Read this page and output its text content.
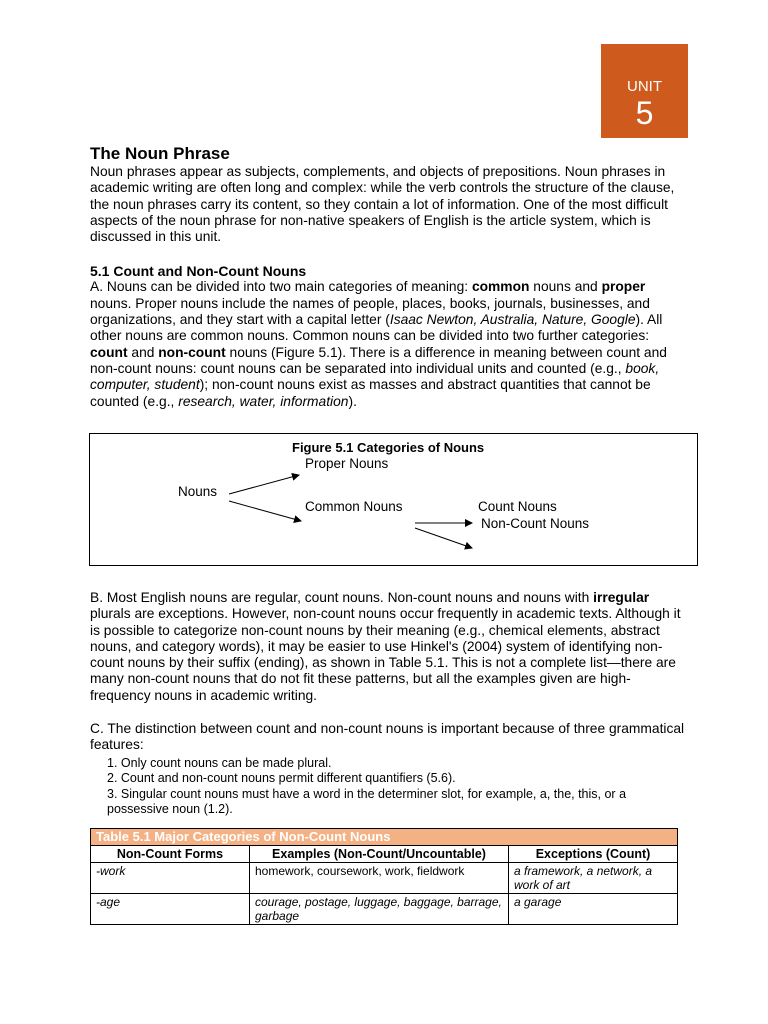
UNIT
5
The Noun Phrase

Noun phrases appear as subjects, complements, and objects of prepositions. Noun phrases in academic writing are often long and complex: while the verb controls the structure of the clause, the noun phrases carry its content, so they contain a lot of information. One of the most difficult aspects of the noun phrase for non-native speakers of English is the article system, which is discussed in this unit.

5.1 Count and Non-Count Nouns

A. Nouns can be divided into two main categories of meaning: common nouns and proper nouns. Proper nouns include the names of people, places, books, journals, businesses, and organizations, and they start with a capital letter (Isaac Newton, Australia, Nature, Google). All other nouns are common nouns. Common nouns can be divided into two further categories: count and non-count nouns (Figure 5.1). There is a difference in meaning between count and non-count nouns: count nouns can be separated into individual units and counted (e.g., book, computer, student); non-count nouns exist as masses and abstract quantities that cannot be counted (e.g., research, water, information).

Figure 5.1 Categories of Nouns
Proper Nouns
Nouns
Common Nouns	Count Nouns
Non-Count Nouns

B. Most English nouns are regular, count nouns. Non-count nouns and nouns with irregular plurals are exceptions. However, non-count nouns occur frequently in academic texts. Although it is possible to categorize non-count nouns by their meaning (e.g., chemical elements, abstract nouns, and category words), it may be easier to use Hinkel's (2004) system of identifying non-count nouns by their suffix (ending), as shown in Table 5.1. This is not a complete list—there are many non-count nouns that do not fit these patterns, but all the examples given are high-frequency nouns in academic writing.

C. The distinction between count and non-count nouns is important because of three grammatical features:

1. Only count nouns can be made plural.
2. Count and non-count nouns permit different quantifiers (5.6).
3. Singular count nouns must have a word in the determiner slot, for example, a, the, this, or a possessive noun (1.2).
Table 5.1 Major Categories of Non-Count Nouns		
Non-Count Forms	Examples (Non-Count/Uncountable)	Exceptions (Count)
-work	homework, coursework, work, fieldwork	a framework, a network, a work of art
-age	courage, postage, luggage, baggage, barrage, garbage	a garage
